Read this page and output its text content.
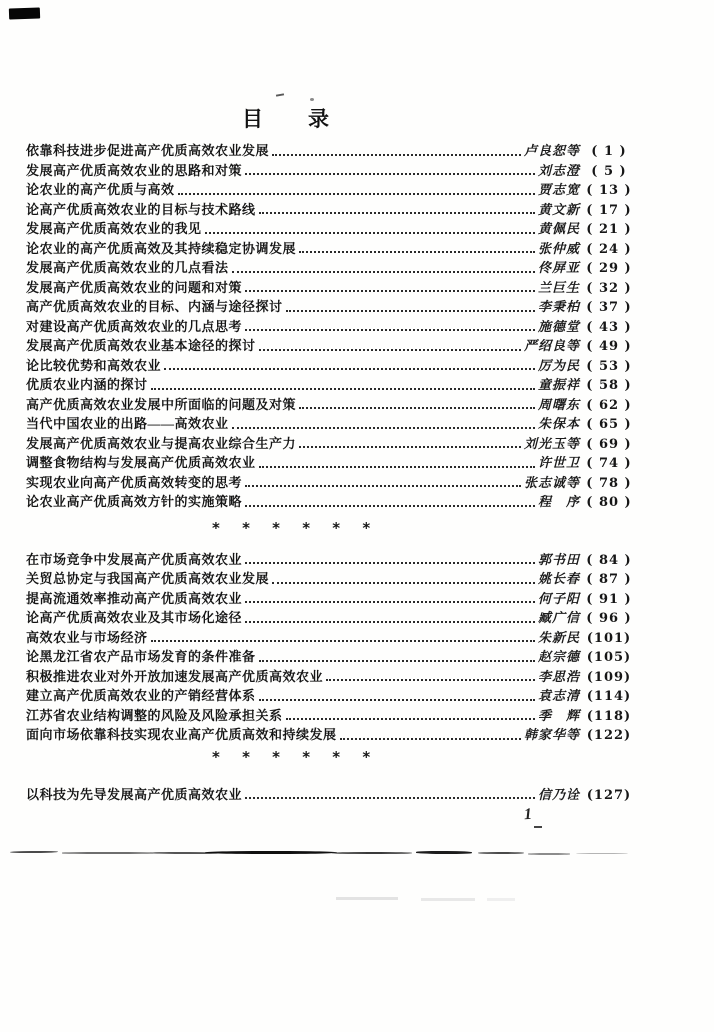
目　录
依靠科技进步促进高产优质高效农业发展	卢良恕等 ( 1 )
发展高产优质高效农业的思路和对策	刘志澄 ( 5 )
论农业的高产优质与高效	贾志宽 ( 13 )
论高产优质高效农业的目标与技术路线	黄文新 ( 17 )
发展高产优质高效农业的我见	黄佩民 ( 21 )
论农业的高产优质高效及其持续稳定协调发展	张仲威 ( 24 )
发展高产优质高效农业的几点看法	佟屏亚 ( 29 )
发展高产优质高效农业的问题和对策	兰巨生 ( 32 )
高产优质高效农业的目标、内涵与途径探讨	李秉柏 ( 37 )
对建设高产优质高效农业的几点思考	施德堂 ( 43 )
发展高产优质高效农业基本途径的探讨	严绍良等 ( 49 )
论比较优势和高效农业	厉为民 ( 53 )
优质农业内涵的探讨	童振祥 ( 58 )
高产优质高效农业发展中所面临的问题及对策	周曙东 ( 62 )
当代中国农业的出路——高效农业	朱保本 ( 65 )
发展高产优质高效农业与提高农业综合生产力	刘光玉等 ( 69 )
调整食物结构与发展高产优质高效农业	许世卫 ( 74 )
实现农业向高产优质高效转变的思考	张志诚等 ( 78 )
论农业高产优质高效方针的实施策略	程　序 ( 80 )
* * * * * *
在市场竞争中发展高产优质高效农业	郭书田 ( 84 )
关贸总协定与我国高产优质高效农业发展	姚长春 ( 87 )
提高流通效率推动高产优质高效农业	何子阳 ( 91 )
论高产优质高效农业及其市场化途径	臧广信 ( 96 )
高效农业与市场经济	朱新民 (101)
论黑龙江省农产品市场发育的条件准备	赵宗德 (105)
积极推进农业对外开放加速发展高产优质高效农业	李思浩 (109)
建立高产优质高效农业的产销经营体系	袁志清 (114)
江苏省农业结构调整的风险及风险承担关系	季　辉 (118)
面向市场依靠科技实现农业高产优质高效和持续发展	韩家华等 (122)
* * * * * *
以科技为先导发展高产优质高效农业	信乃诠 (127)
1
